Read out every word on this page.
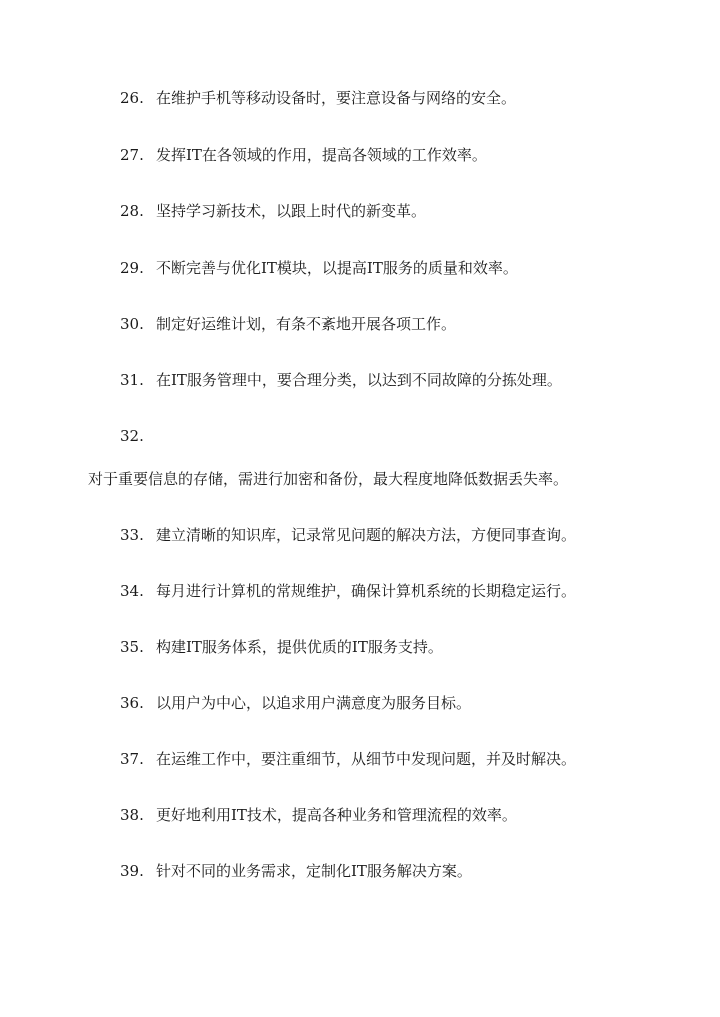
26. 在维护手机等移动设备时，要注意设备与网络的安全。
27. 发挥IT在各领域的作用，提高各领域的工作效率。
28. 坚持学习新技术，以跟上时代的新变革。
29. 不断完善与优化IT模块，以提高IT服务的质量和效率。
30. 制定好运维计划，有条不紊地开展各项工作。
31. 在IT服务管理中，要合理分类，以达到不同故障的分拣处理。
32.
对于重要信息的存储，需进行加密和备份，最大程度地降低数据丢失率。
33. 建立清晰的知识库，记录常见问题的解决方法，方便同事查询。
34. 每月进行计算机的常规维护，确保计算机系统的长期稳定运行。
35. 构建IT服务体系，提供优质的IT服务支持。
36. 以用户为中心，以追求用户满意度为服务目标。
37. 在运维工作中，要注重细节，从细节中发现问题，并及时解决。
38. 更好地利用IT技术，提高各种业务和管理流程的效率。
39. 针对不同的业务需求，定制化IT服务解决方案。
